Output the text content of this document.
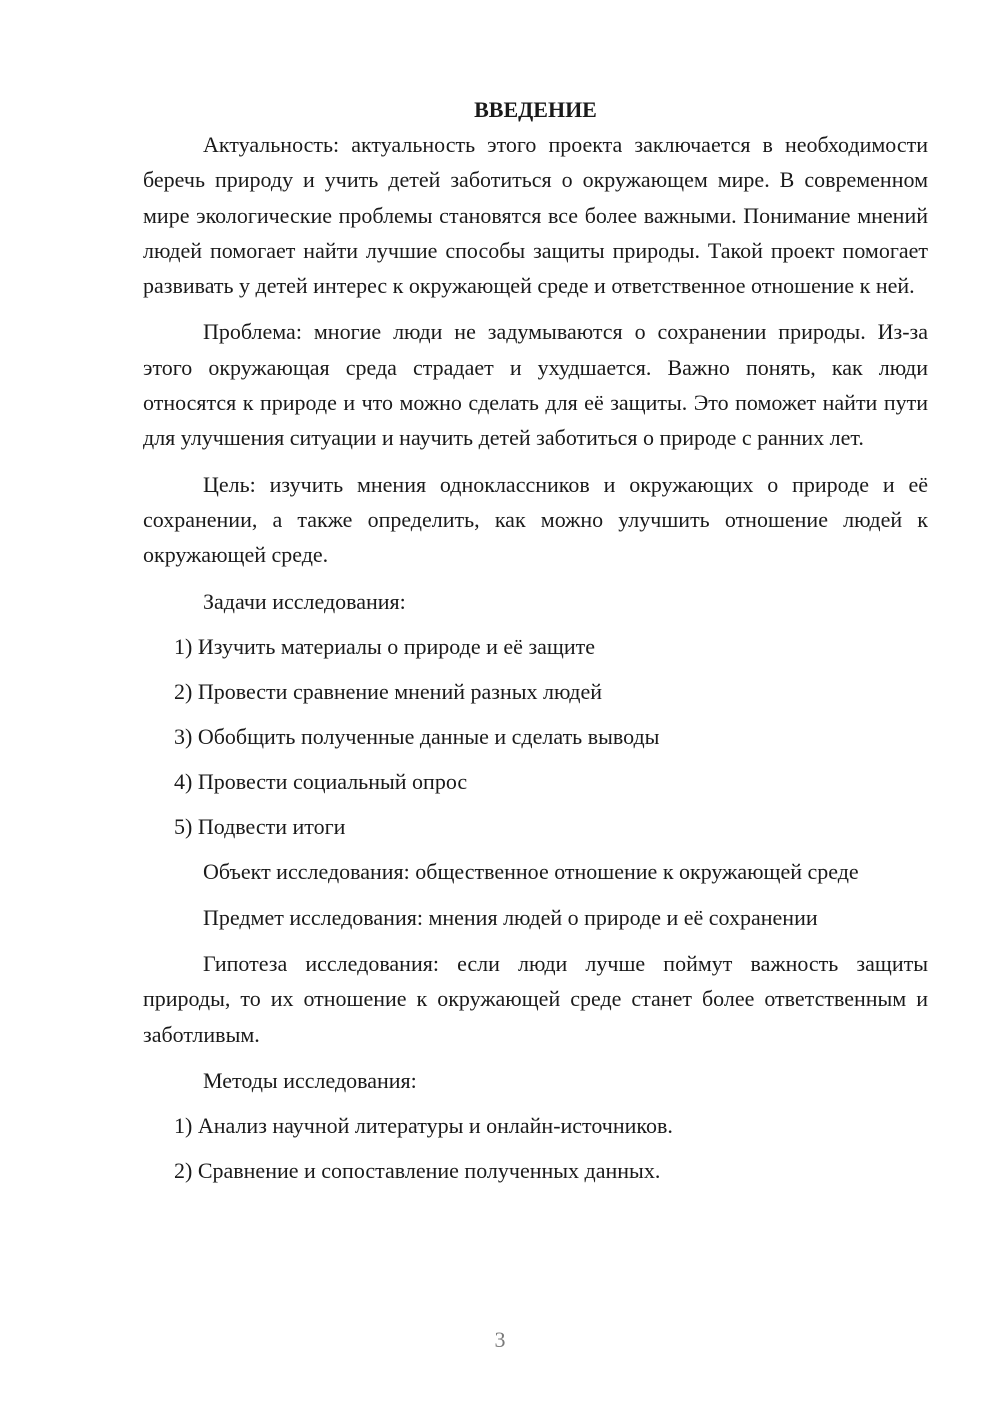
ВВЕДЕНИЕ

Актуальность: актуальность этого проекта заключается в необходимости беречь природу и учить детей заботиться о окружающем мире. В современном мире экологические проблемы становятся все более важными. Понимание мнений людей помогает найти лучшие способы защиты природы. Такой проект помогает развивать у детей интерес к окружающей среде и ответственное отношение к ней.

Проблема: многие люди не задумываются о сохранении природы. Из-за этого окружающая среда страдает и ухудшается. Важно понять, как люди относятся к природе и что можно сделать для её защиты. Это поможет найти пути для улучшения ситуации и научить детей заботиться о природе с ранних лет.

Цель: изучить мнения одноклассников и окружающих о природе и её сохранении, а также определить, как можно улучшить отношение людей к окружающей среде.

Задачи исследования:

1) Изучить материалы о природе и её защите
2) Провести сравнение мнений разных людей
3) Обобщить полученные данные и сделать выводы
4) Провести социальный опрос
5) Подвести итоги

Объект исследования: общественное отношение к окружающей среде

Предмет исследования: мнения людей о природе и её сохранении

Гипотеза исследования: если люди лучше поймут важность защиты природы, то их отношение к окружающей среде станет более ответственным и заботливым.

Методы исследования:

1) Анализ научной литературы и онлайн-источников.
2) Сравнение и сопоставление полученных данных.
3
